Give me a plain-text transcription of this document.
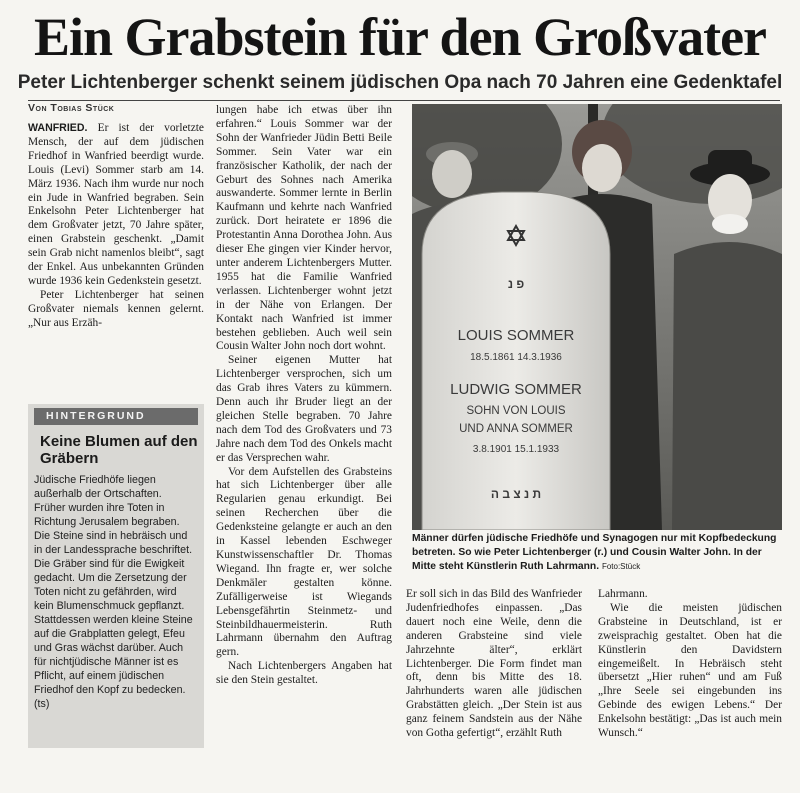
Ein Grabstein für den Großvater
Peter Lichtenberger schenkt seinem jüdischen Opa nach 70 Jahren eine Gedenktafel
Von Tobias Stück

WANFRIED. Er ist der vorletzte Mensch, der auf dem jüdischen Friedhof in Wanfried beerdigt wurde. Louis (Levi) Sommer starb am 14. März 1936. Nach ihm wurde nur noch ein Jude in Wanfried begraben. Sein Enkelsohn Peter Lichtenberger hat dem Großvater jetzt, 70 Jahre später, einen Grabstein geschenkt. „Damit sein Grab nicht namenlos bleibt“, sagt der Enkel. Aus unbekannten Gründen wurde 1936 kein Gedenkstein gesetzt.

Peter Lichtenberger hat seinen Großvater niemals kennen gelernt. „Nur aus Erzäh-

HINTERGRUND
Keine Blumen auf den Gräbern
Jüdische Friedhöfe liegen außerhalb der Ortschaften. Früher wurden ihre Toten in Richtung Jerusalem begraben. Die Steine sind in hebräisch und in der Landessprache beschriftet. Die Gräber sind für die Ewigkeit gedacht. Um die Zersetzung der Toten nicht zu gefährden, wird kein Blumenschmuck gepflanzt. Stattdessen werden kleine Steine auf die Grabplatten gelegt, Efeu und Gras wächst darüber. Auch für nichtjüdische Männer ist es Pflicht, auf einem jüdischen Friedhof den Kopf zu bedecken. (ts)

lungen habe ich etwas über ihn erfahren.“ Louis Sommer war der Sohn der Wanfrieder Jüdin Betti Beile Sommer. Sein Vater war ein französischer Katholik, der nach der Geburt des Sohnes nach Amerika auswanderte. Sommer lernte in Berlin Kaufmann und kehrte nach Wanfried zurück. Dort heiratete er 1896 die Protestantin Anna Dorothea John. Aus dieser Ehe gingen vier Kinder hervor, unter anderem Lichtenbergers Mutter. 1955 hat die Familie Wanfried verlassen. Lichtenberger wohnt jetzt in der Nähe von Erlangen. Der Kontakt nach Wanfried ist immer bestehen geblieben. Auch weil sein Cousin Walter John noch dort wohnt.

Seiner eigenen Mutter hat Lichtenberger versprochen, sich um das Grab ihres Vaters zu kümmern. Denn auch ihr Bruder liegt an der gleichen Stelle begraben. 70 Jahre nach dem Tod des Großvaters und 73 Jahre nach dem Tod des Onkels macht er das Versprechen wahr.

Vor dem Aufstellen des Grabsteins hat sich Lichtenberger über alle Regularien genau erkundigt. Bei seinen Recherchen über die Gedenksteine gelangte er auch an den in Kassel lebenden Eschweger Kunstwissenschaftler Dr. Thomas Wiegand. Ihn fragte er, wer solche Denkmäler gestalten könne. Zufälligerweise ist Wiegands Lebensgefährtin Steinmetz- und Steinbildhauermeisterin. Ruth Lahrmann übernahm den Auftrag gern.

Nach Lichtenbergers Angaben hat sie den Stein gestaltet.

פ נ
LOUIS SOMMER
18.5.1861 14.3.1936
LUDWIG SOMMER
SOHN VON LOUIS
UND ANNA SOMMER
3.8.1901 15.1.1933
ת נ צ ב ה
Männer dürfen jüdische Friedhöfe und Synagogen nur mit Kopfbedeckung betreten. So wie Peter Lichtenberger (r.) und Cousin Walter John. In der Mitte steht Künstlerin Ruth Lahrmann. Foto:Stück

Er soll sich in das Bild des Wanfrieder Judenfriedhofes einpassen. „Das dauert noch eine Weile, denn die anderen Grabsteine sind viele Jahrzehnte älter“, erklärt Lichtenberger. Die Form findet man oft, denn bis Mitte des 18. Jahrhunderts waren alle jüdischen Grabstätten gleich. „Der Stein ist aus ganz feinem Sandstein aus der Nähe von Gotha gefertigt“, erzählt Ruth

Lahrmann.

Wie die meisten jüdischen Grabsteine in Deutschland, ist er zweisprachig gestaltet. Oben hat die Künstlerin den Davidstern eingemeißelt. In Hebräisch steht übersetzt „Hier ruhen“ und am Fuß „Ihre Seele sei eingebunden ins Gebinde des ewigen Lebens.“ Der Enkelsohn bestätigt: „Das ist auch mein Wunsch.“
